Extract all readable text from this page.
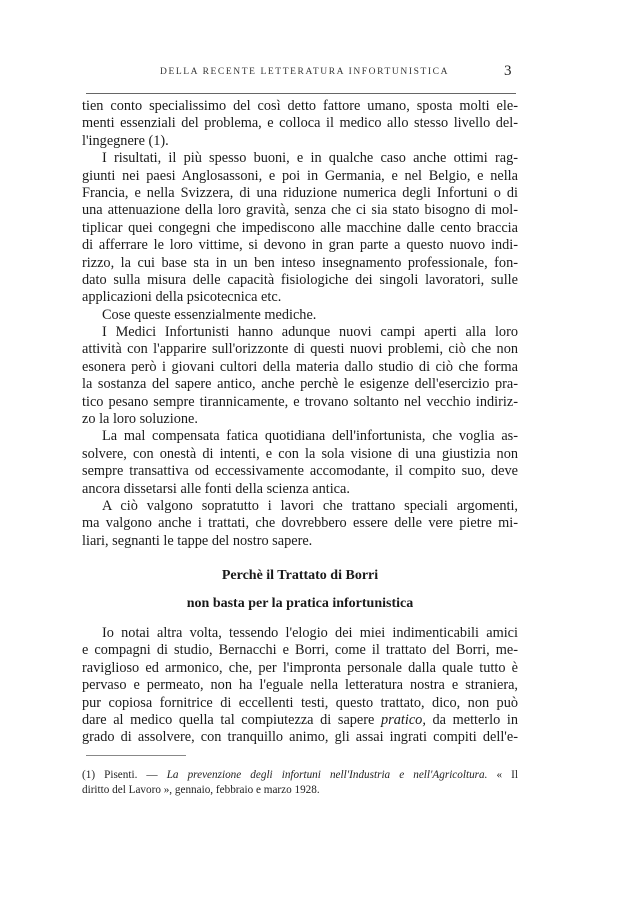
DELLA RECENTE LETTERATURA INFORTUNISTICA	3
tien conto specialissimo del così detto fattore umano, sposta molti ele-
menti essenziali del problema, e colloca il medico allo stesso livello del-
l'ingegnere (1).
I risultati, il più spesso buoni, e in qualche caso anche ottimi rag-
giunti nei paesi Anglosassoni, e poi in Germania, e nel Belgio, e nella
Francia, e nella Svizzera, di una riduzione numerica degli Infortuni o di
una attenuazione della loro gravità, senza che ci sia stato bisogno di mol-
tiplicar quei congegni che impediscono alle macchine dalle cento braccia
di afferrare le loro vittime, si devono in gran parte a questo nuovo indi-
rizzo, la cui base sta in un ben inteso insegnamento professionale, fon-
dato sulla misura delle capacità fisiologiche dei singoli lavoratori, sulle
applicazioni della psicotecnica etc.
Cose queste essenzialmente mediche.
I Medici Infortunisti hanno adunque nuovi campi aperti alla loro
attività con l'apparire sull'orizzonte di questi nuovi problemi, ciò che non
esonera però i giovani cultori della materia dallo studio di ciò che forma
la sostanza del sapere antico, anche perchè le esigenze dell'esercizio pra-
tico pesano sempre tirannicamente, e trovano soltanto nel vecchio indiriz-
zo la loro soluzione.
La mal compensata fatica quotidiana dell'infortunista, che voglia as-
solvere, con onestà di intenti, e con la sola visione di una giustizia non
sempre transattiva od eccessivamente accomodante, il compito suo, deve
ancora dissetarsi alle fonti della scienza antica.
A ciò valgono sopratutto i lavori che trattano speciali argomenti,
ma valgono anche i trattati, che dovrebbero essere delle vere pietre mi-
liari, segnanti le tappe del nostro sapere.
Perchè il Trattato di Borri
non basta per la pratica infortunistica
Io notai altra volta, tessendo l'elogio dei miei indimenticabili amici
e compagni di studio, Bernacchi e Borri, come il trattato del Borri, me-
raviglioso ed armonico, che, per l'impronta personale dalla quale tutto è
pervaso e permeato, non ha l'eguale nella letteratura nostra e straniera,
pur copiosa fornitrice di eccellenti testi, questo trattato, dico, non può
dare al medico quella tal compiutezza di sapere pratico, da metterlo in
grado di assolvere, con tranquillo animo, gli assai ingrati compiti dell'e-
(1) Pisenti. — La prevenzione degli infortuni nell'Industria e nell'Agricoltura. « Il
diritto del Lavoro », gennaio, febbraio e marzo 1928.
